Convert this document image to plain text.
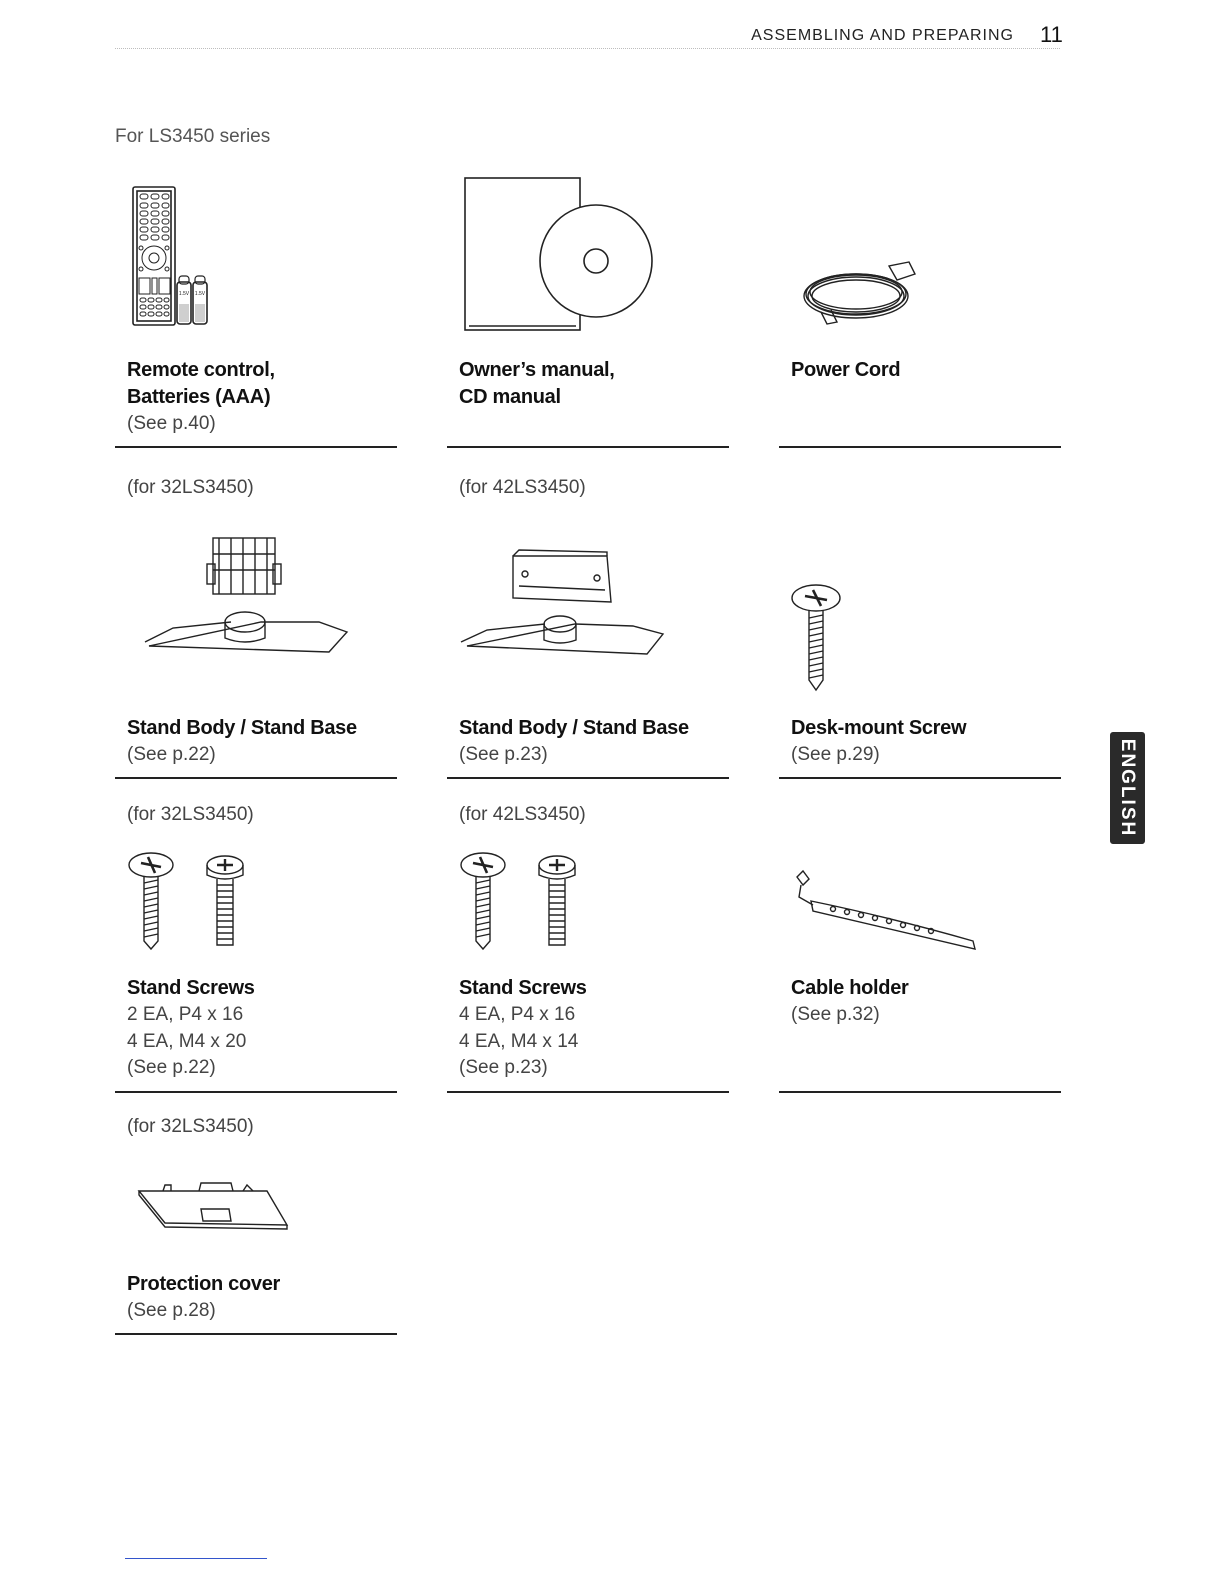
ASSEMBLING AND PREPARING 11
For LS3450 series
1.5V 1.5V
Remote control,
Batteries (AAA)
(See p.40)
Owner’s manual,
CD manual
Power Cord
(for 32LS3450)
Stand Body / Stand Base
(See p.22)
(for 42LS3450)
Stand Body / Stand Base
(See p.23)
Desk-mount Screw
(See p.29)
(for 32LS3450)
Stand Screws
2 EA, P4 x 16
4 EA, M4 x 20
(See p.22)
(for 42LS3450)
Stand Screws
4 EA, P4 x 16
4 EA, M4 x 14
(See p.23)
Cable holder
(See p.32)
(for 32LS3450)
Protection cover
(See p.28)
ENGLISH
